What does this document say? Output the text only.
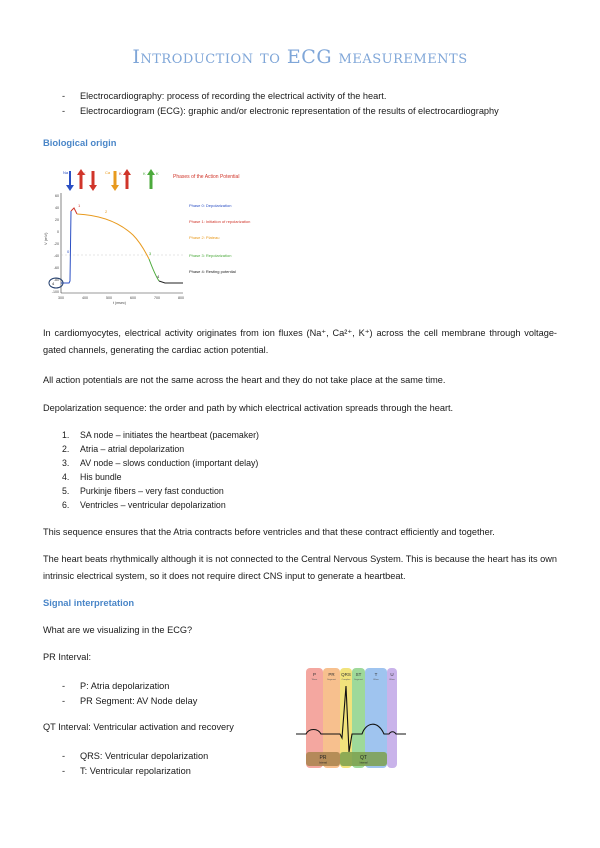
Introduction to ECG measurements
- Electrocardiography: process of recording the electrical activity of the heart.
- Electrocardiogram (ECG): graphic and/or electronic representation of the results of electrocardiography
Biological origin
Na	K	Ca K	K	K
Phases of the Action Potential
60
40
20
0
-20
-40
-60
-80
-100
V (mV)
0
1
2
3
4
4
300	400	500	600	700	800
t (msec)
Phase 0: Depolarization
Phase 1: Initiation of repolarization
Phase 2: Plateau
Phase 3: Repolarization
Phase 4: Resting potential
In cardiomyocytes, electrical activity originates from ion fluxes (Na⁺, Ca²⁺, K⁺) across the cell membrane through voltage-gated channels, generating the cardiac action potential.
All action potentials are not the same across the heart and they do not take place at the same time.
Depolarization sequence: the order and path by which electrical activation spreads through the heart.
1. SA node – initiates the heartbeat (pacemaker)
2. Atria – atrial depolarization
3. AV node – slows conduction (important delay)
4. His bundle
5. Purkinje fibers – very fast conduction
6. Ventricles – ventricular depolarization
This sequence ensures that the Atria contracts before ventricles and that these contract efficiently and together.
The heart beats rhythmically although it is not connected to the Central Nervous System. This is because the heart has its own intrinsic electrical system, so it does not require direct CNS input to generate a heartbeat.
Signal interpretation
What are we visualizing in the ECG?
PR Interval:
- P: Atria depolarization
- PR Segment: AV Node delay
QT Interval: Ventricular activation and recovery
- QRS: Ventricular depolarization
- T: Ventricular repolarization
P	PR QRS ST	T	U
Wave	Segment	Complex	Segment	Wave	Wave
PR	QT
Interval	Interval
